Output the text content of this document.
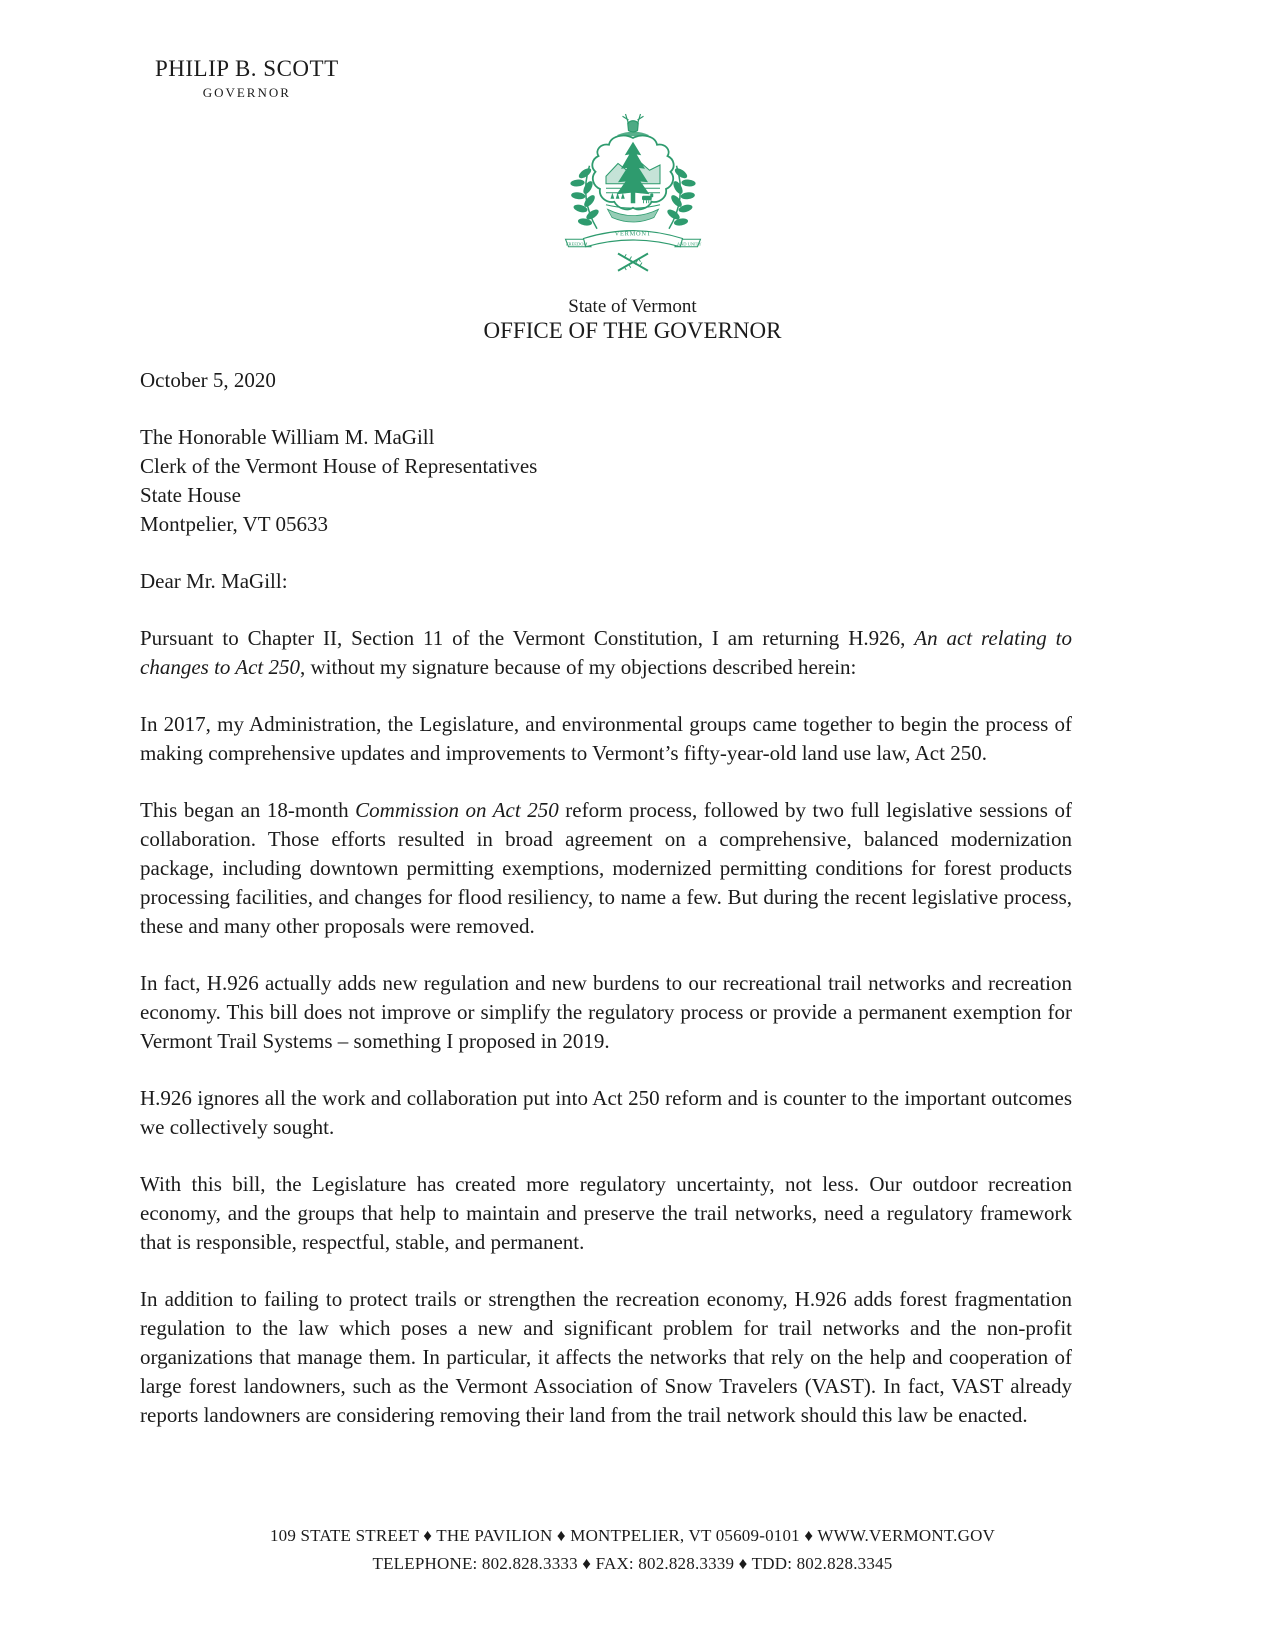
PHILIP B. SCOTT
GOVERNOR
FREEDOM
VERMONT
AND UNITY
State of Vermont
OFFICE OF THE GOVERNOR
October 5, 2020
The Honorable William M. MaGill
Clerk of the Vermont House of Representatives
State House
Montpelier, VT 05633
Dear Mr. MaGill:

Pursuant to Chapter II, Section 11 of the Vermont Constitution, I am returning H.926, An act relating to changes to Act 250, without my signature because of my objections described herein:

In 2017, my Administration, the Legislature, and environmental groups came together to begin the process of making comprehensive updates and improvements to Vermont’s fifty-year-old land use law, Act 250.

This began an 18-month Commission on Act 250 reform process, followed by two full legislative sessions of collaboration. Those efforts resulted in broad agreement on a comprehensive, balanced modernization package, including downtown permitting exemptions, modernized permitting conditions for forest products processing facilities, and changes for flood resiliency, to name a few. But during the recent legislative process, these and many other proposals were removed.

In fact, H.926 actually adds new regulation and new burdens to our recreational trail networks and recreation economy. This bill does not improve or simplify the regulatory process or provide a permanent exemption for Vermont Trail Systems – something I proposed in 2019.

H.926 ignores all the work and collaboration put into Act 250 reform and is counter to the important outcomes we collectively sought.

With this bill, the Legislature has created more regulatory uncertainty, not less. Our outdoor recreation economy, and the groups that help to maintain and preserve the trail networks, need a regulatory framework that is responsible, respectful, stable, and permanent.

In addition to failing to protect trails or strengthen the recreation economy, H.926 adds forest fragmentation regulation to the law which poses a new and significant problem for trail networks and the non-profit organizations that manage them. In particular, it affects the networks that rely on the help and cooperation of large forest landowners, such as the Vermont Association of Snow Travelers (VAST). In fact, VAST already reports landowners are considering removing their land from the trail network should this law be enacted.

109 STATE STREET ♦ THE PAVILION ♦ MONTPELIER, VT 05609-0101 ♦ WWW.VERMONT.GOV
TELEPHONE: 802.828.3333 ♦ FAX: 802.828.3339 ♦ TDD: 802.828.3345
